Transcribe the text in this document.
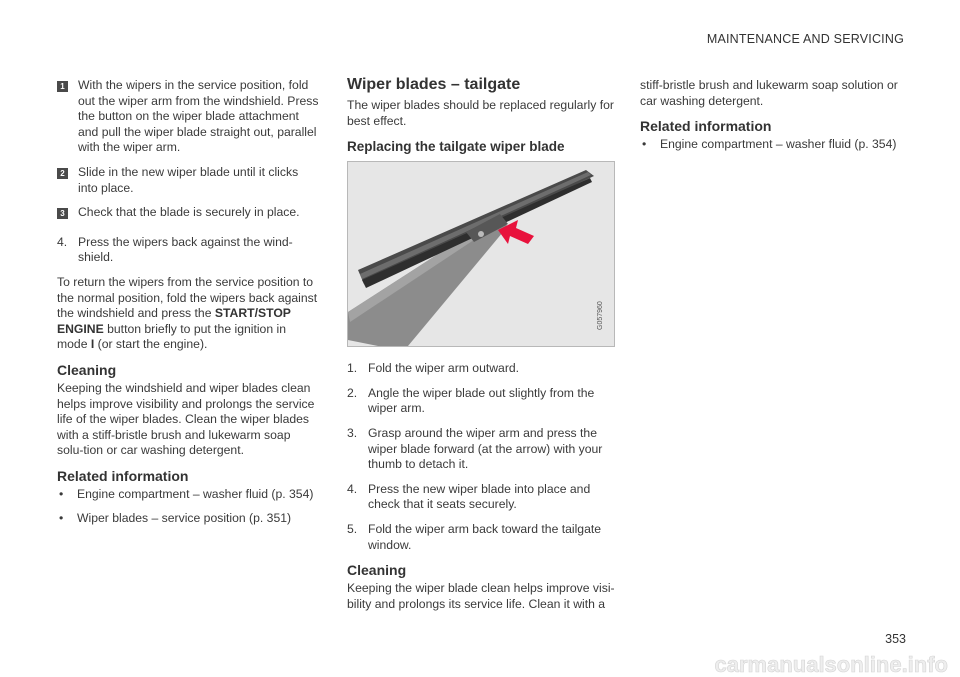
MAINTENANCE AND SERVICING
1 With the wipers in the service position, fold out the wiper arm from the windshield. Press the button on the wiper blade attachment and pull the wiper blade straight out, parallel with the wiper arm.
2 Slide in the new wiper blade until it clicks into place.
3 Check that the blade is securely in place.
4. Press the wipers back against the wind-shield.

To return the wipers from the service position to the normal position, fold the wipers back against the windshield and press the START/STOP ENGINE button briefly to put the ignition in mode I (or start the engine).

Cleaning

Keeping the windshield and wiper blades clean helps improve visibility and prolongs the service life of the wiper blades. Clean the wiper blades with a stiff-bristle brush and lukewarm soap solu-tion or car washing detergent.

Related information
• Engine compartment – washer fluid (p. 354)
• Wiper blades – service position (p. 351)
Wiper blades – tailgate

The wiper blades should be replaced regularly for best effect.

Replacing the tailgate wiper blade
G057960
1. Fold the wiper arm outward.
2. Angle the wiper blade out slightly from the wiper arm.
3. Grasp around the wiper arm and press the wiper blade forward (at the arrow) with your thumb to detach it.
4. Press the new wiper blade into place and check that it seats securely.
5. Fold the wiper arm back toward the tailgate window.
Cleaning

Keeping the wiper blade clean helps improve visi-bility and prolongs its service life. Clean it with a

stiff-bristle brush and lukewarm soap solution or car washing detergent.

Related information
• Engine compartment – washer fluid (p. 354)
353
carmanualsonline.info
